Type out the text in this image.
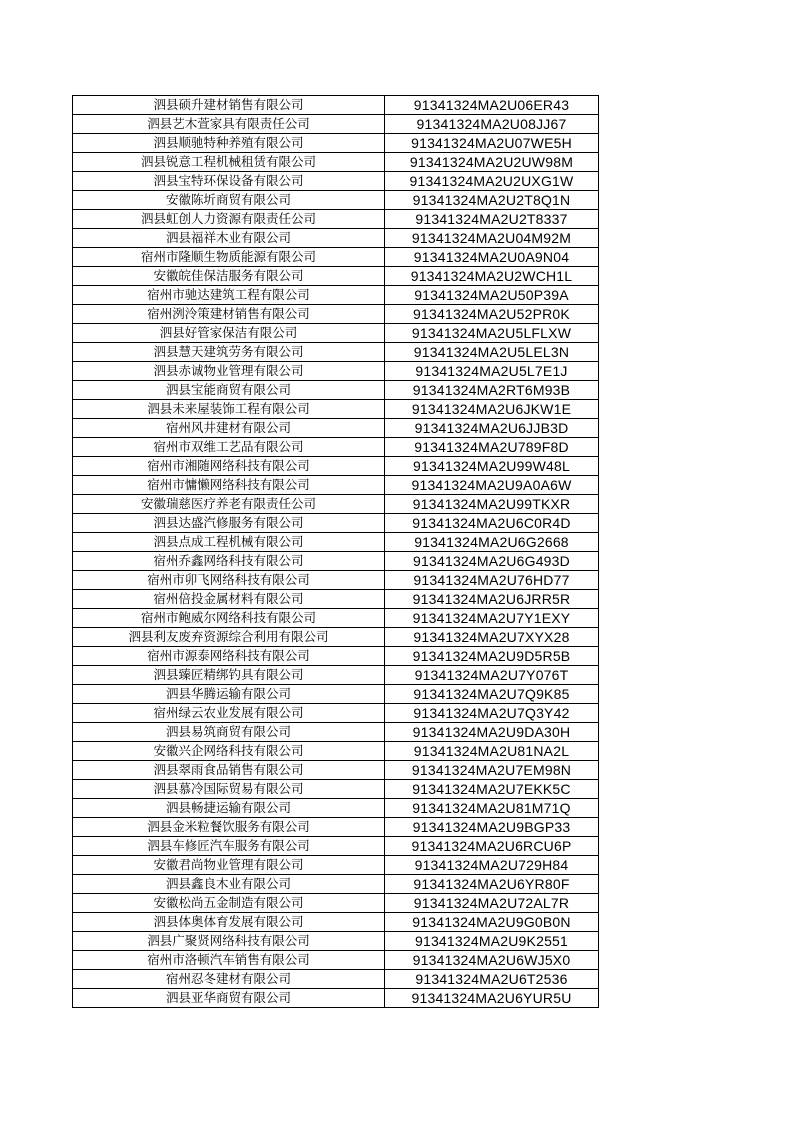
泗县硕升建材销售有限公司	91341324MA2U06ER43
泗县艺木萱家具有限责任公司	91341324MA2U08JJ67
泗县顺驰特种养殖有限公司	91341324MA2U07WE5H
泗县锐意工程机械租赁有限公司	91341324MA2U2UW98M
泗县宝特环保设备有限公司	91341324MA2U2UXG1W
安徽陈圻商贸有限公司	91341324MA2U2T8Q1N
泗县虹创人力资源有限责任公司	91341324MA2U2T8337
泗县福祥木业有限公司	91341324MA2U04M92M
宿州市隆顺生物质能源有限公司	91341324MA2U0A9N04
安徽皖佳保洁服务有限公司	91341324MA2U2WCH1L
宿州市驰达建筑工程有限公司	91341324MA2U50P39A
宿州洌泠策建材销售有限公司	91341324MA2U52PR0K
泗县好管家保洁有限公司	91341324MA2U5LFLXW
泗县慧天建筑劳务有限公司	91341324MA2U5LEL3N
泗县赤诚物业管理有限公司	91341324MA2U5L7E1J
泗县宝能商贸有限公司	91341324MA2RT6M93B
泗县未来屋装饰工程有限公司	91341324MA2U6JKW1E
宿州风井建材有限公司	91341324MA2U6JJB3D
宿州市双维工艺品有限公司	91341324MA2U789F8D
宿州市湘随网络科技有限公司	91341324MA2U99W48L
宿州市慵懒网络科技有限公司	91341324MA2U9A0A6W
安徽瑞慈医疗养老有限责任公司	91341324MA2U99TKXR
泗县达盛汽修服务有限公司	91341324MA2U6C0R4D
泗县点成工程机械有限公司	91341324MA2U6G2668
宿州乔鑫网络科技有限公司	91341324MA2U6G493D
宿州市卯飞网络科技有限公司	91341324MA2U76HD77
宿州倍投金属材料有限公司	91341324MA2U6JRR5R
宿州市鲍威尔网络科技有限公司	91341324MA2U7Y1EXY
泗县利友废弃资源综合利用有限公司	91341324MA2U7XYX28
宿州市源泰网络科技有限公司	91341324MA2U9D5R5B
泗县臻匠精绑钓具有限公司	91341324MA2U7Y076T
泗县华腾运输有限公司	91341324MA2U7Q9K85
宿州绿云农业发展有限公司	91341324MA2U7Q3Y42
泗县易筑商贸有限公司	91341324MA2U9DA30H
安徽兴企网络科技有限公司	91341324MA2U81NA2L
泗县翠雨食品销售有限公司	91341324MA2U7EM98N
泗县慕冷国际贸易有限公司	91341324MA2U7EKK5C
泗县畅捷运输有限公司	91341324MA2U81M71Q
泗县金米粒餐饮服务有限公司	91341324MA2U9BGP33
泗县车修匠汽车服务有限公司	91341324MA2U6RCU6P
安徽君尚物业管理有限公司	91341324MA2U729H84
泗县鑫良木业有限公司	91341324MA2U6YR80F
安徽松尚五金制造有限公司	91341324MA2U72AL7R
泗县体奥体育发展有限公司	91341324MA2U9G0B0N
泗县广聚贤网络科技有限公司	91341324MA2U9K2551
宿州市洛顿汽车销售有限公司	91341324MA2U6WJ5X0
宿州忍冬建材有限公司	91341324MA2U6T2536
泗县亚华商贸有限公司	91341324MA2U6YUR5U
